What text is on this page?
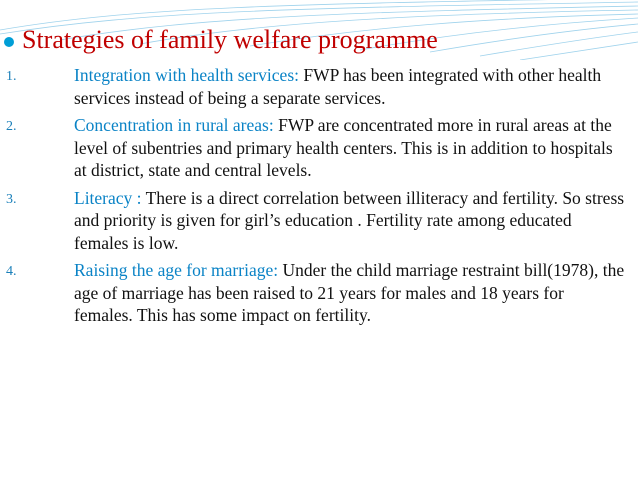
Strategies of family welfare programme
1.	Integration with health services: FWP has been integrated with other health services instead of being a separate services.
2.	Concentration in rural areas: FWP are concentrated more in rural areas at the level of subentries and primary health centers. This is in addition to hospitals at district, state and central levels.
3.	Literacy : There is a direct correlation between illiteracy and fertility. So stress and priority is given for girl’s education . Fertility rate among educated females is low.
4.	Raising the age for marriage: Under the child marriage restraint bill(1978), the age of marriage has been raised to 21 years for males and 18 years for females. This has some impact on fertility.
